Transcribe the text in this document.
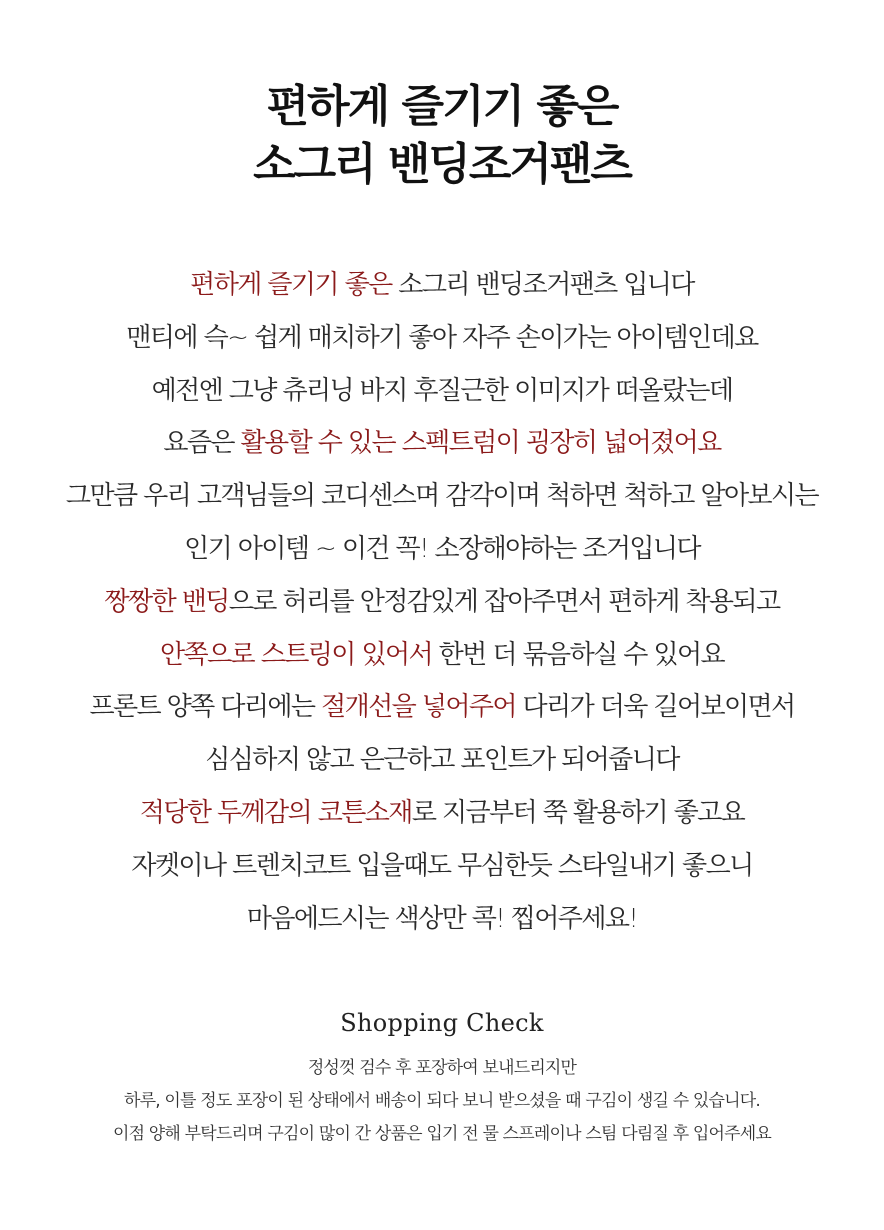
편하게 즐기기 좋은
소그리 밴딩조거팬츠
편하게 즐기기 좋은 소그리 밴딩조거팬츠 입니다
맨티에 슥~ 쉽게 매치하기 좋아 자주 손이가는 아이템인데요
예전엔 그냥 츄리닝 바지 후질근한 이미지가 떠올랐는데
요즘은 활용할 수 있는 스펙트럼이 굉장히 넓어졌어요
그만큼 우리 고객님들의 코디센스며 감각이며 척하면 척하고 알아보시는
인기 아이템 ~ 이건 꼭! 소장해야하는 조거입니다
짱짱한 밴딩으로 허리를 안정감있게 잡아주면서 편하게 착용되고
안쪽으로 스트링이 있어서 한번 더 묶음하실 수 있어요
프론트 양쪽 다리에는 절개선을 넣어주어 다리가 더욱 길어보이면서
심심하지 않고 은근하고 포인트가 되어줍니다
적당한 두께감의 코튼소재로 지금부터 쭉 활용하기 좋고요
자켓이나 트렌치코트 입을때도 무심한듯 스타일내기 좋으니
마음에드시는 색상만 콕! 찝어주세요!
Shopping Check
정성껏 검수 후 포장하여 보내드리지만
하루, 이틀 정도 포장이 된 상태에서 배송이 되다 보니 받으셨을 때 구김이 생길 수 있습니다.
이점 양해 부탁드리며 구김이 많이 간 상품은 입기 전 물 스프레이나 스팀 다림질 후 입어주세요
